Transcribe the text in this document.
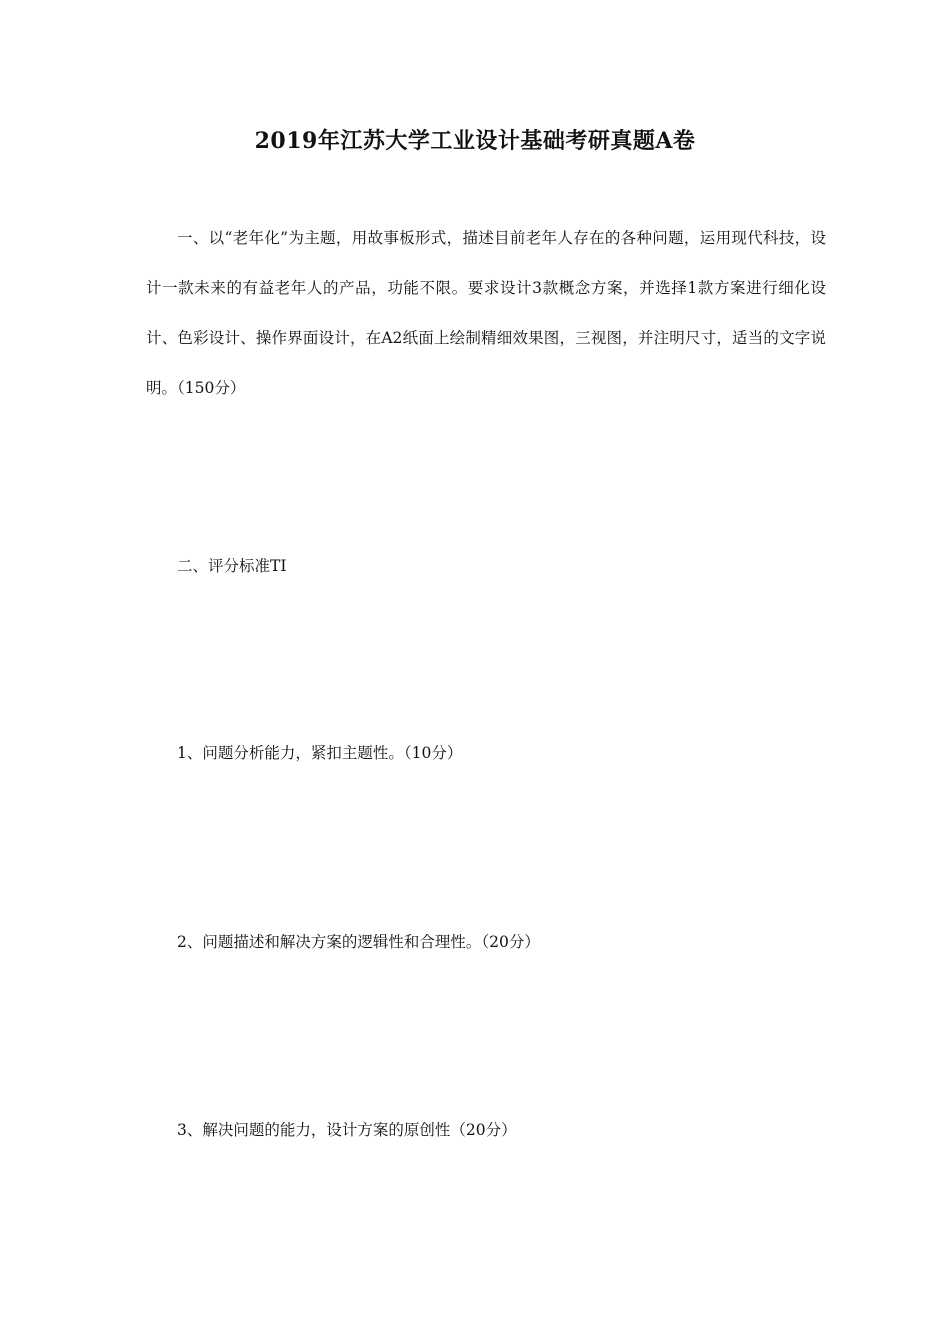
2019年江苏大学工业设计基础考研真题A卷

一、以“老年化”为主题，用故事板形式，描述目前老年人存在的各种问题，运用现代科技，设计一款未来的有益老年人的产品，功能不限。要求设计3款概念方案，并选择1款方案进行细化设计、色彩设计、操作界面设计，在A2纸面上绘制精细效果图，三视图，并注明尺寸，适当的文字说明。（150分）

二、评分标准TI

1、问题分析能力，紧扣主题性。（10分）

2、问题描述和解决方案的逻辑性和合理性。（20分）

3、解决问题的能力，设计方案的原创性（20分）
